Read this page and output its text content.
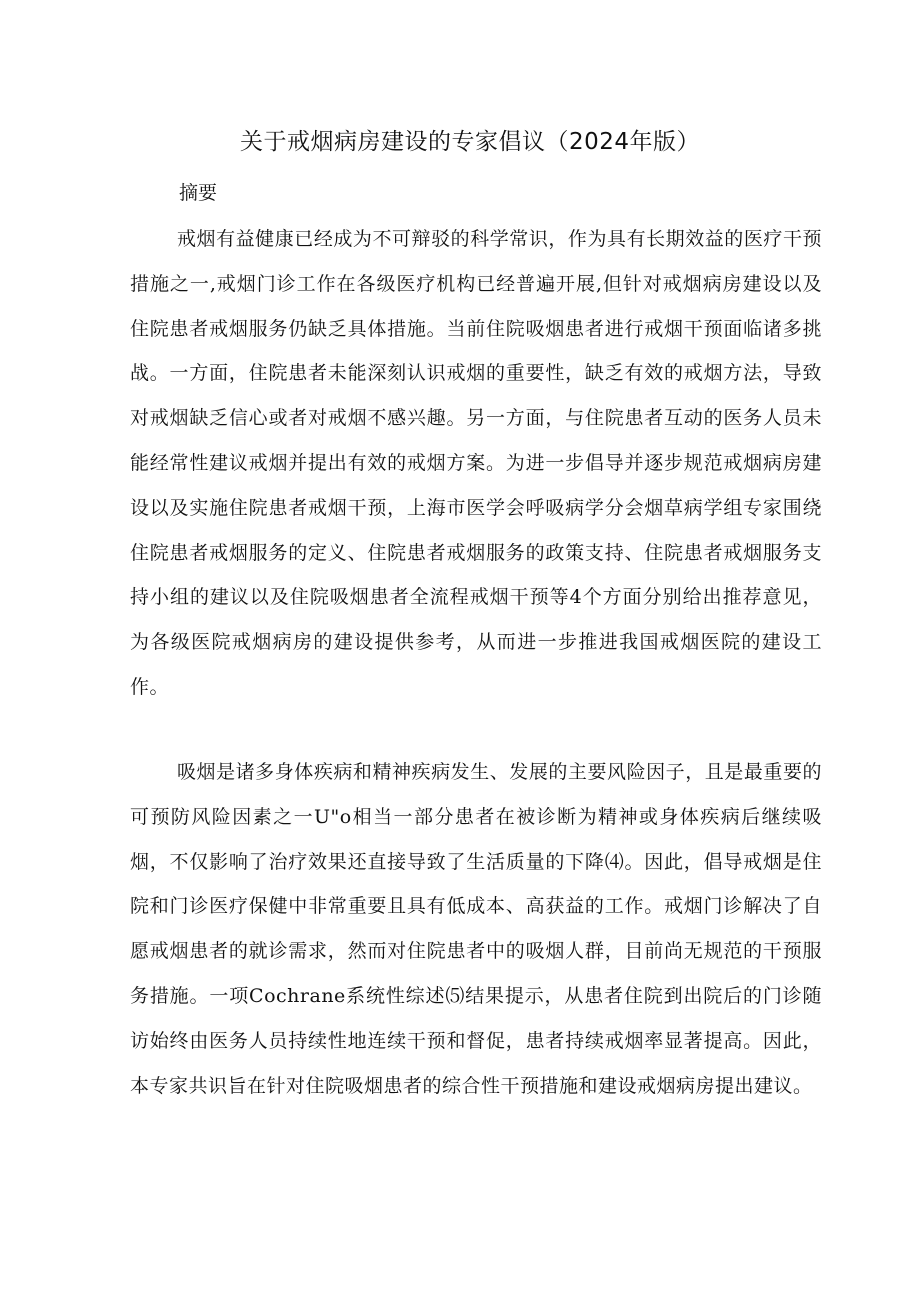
关于戒烟病房建设的专家倡议（2024年版）
摘要

戒烟有益健康已经成为不可辩驳的科学常识，作为具有长期效益的医疗干预措施之一,戒烟门诊工作在各级医疗机构已经普遍开展,但针对戒烟病房建设以及住院患者戒烟服务仍缺乏具体措施。当前住院吸烟患者进行戒烟干预面临诸多挑战。一方面，住院患者未能深刻认识戒烟的重要性，缺乏有效的戒烟方法，导致对戒烟缺乏信心或者对戒烟不感兴趣。另一方面，与住院患者互动的医务人员未能经常性建议戒烟并提出有效的戒烟方案。为进一步倡导并逐步规范戒烟病房建设以及实施住院患者戒烟干预，上海市医学会呼吸病学分会烟草病学组专家围绕住院患者戒烟服务的定义、住院患者戒烟服务的政策支持、住院患者戒烟服务支持小组的建议以及住院吸烟患者全流程戒烟干预等4个方面分别给出推荐意见，为各级医院戒烟病房的建设提供参考，从而进一步推进我国戒烟医院的建设工作。

吸烟是诸多身体疾病和精神疾病发生、发展的主要风险因子，且是最重要的可预防风险因素之一U"o相当一部分患者在被诊断为精神或身体疾病后继续吸烟，不仅影响了治疗效果还直接导致了生活质量的下降⑷。因此，倡导戒烟是住院和门诊医疗保健中非常重要且具有低成本、高获益的工作。戒烟门诊解决了自愿戒烟患者的就诊需求，然而对住院患者中的吸烟人群，目前尚无规范的干预服务措施。一项Cochrane系统性综述⑸结果提示，从患者住院到出院后的门诊随访始终由医务人员持续性地连续干预和督促，患者持续戒烟率显著提高。因此，本专家共识旨在针对住院吸烟患者的综合性干预措施和建设戒烟病房提出建议。
